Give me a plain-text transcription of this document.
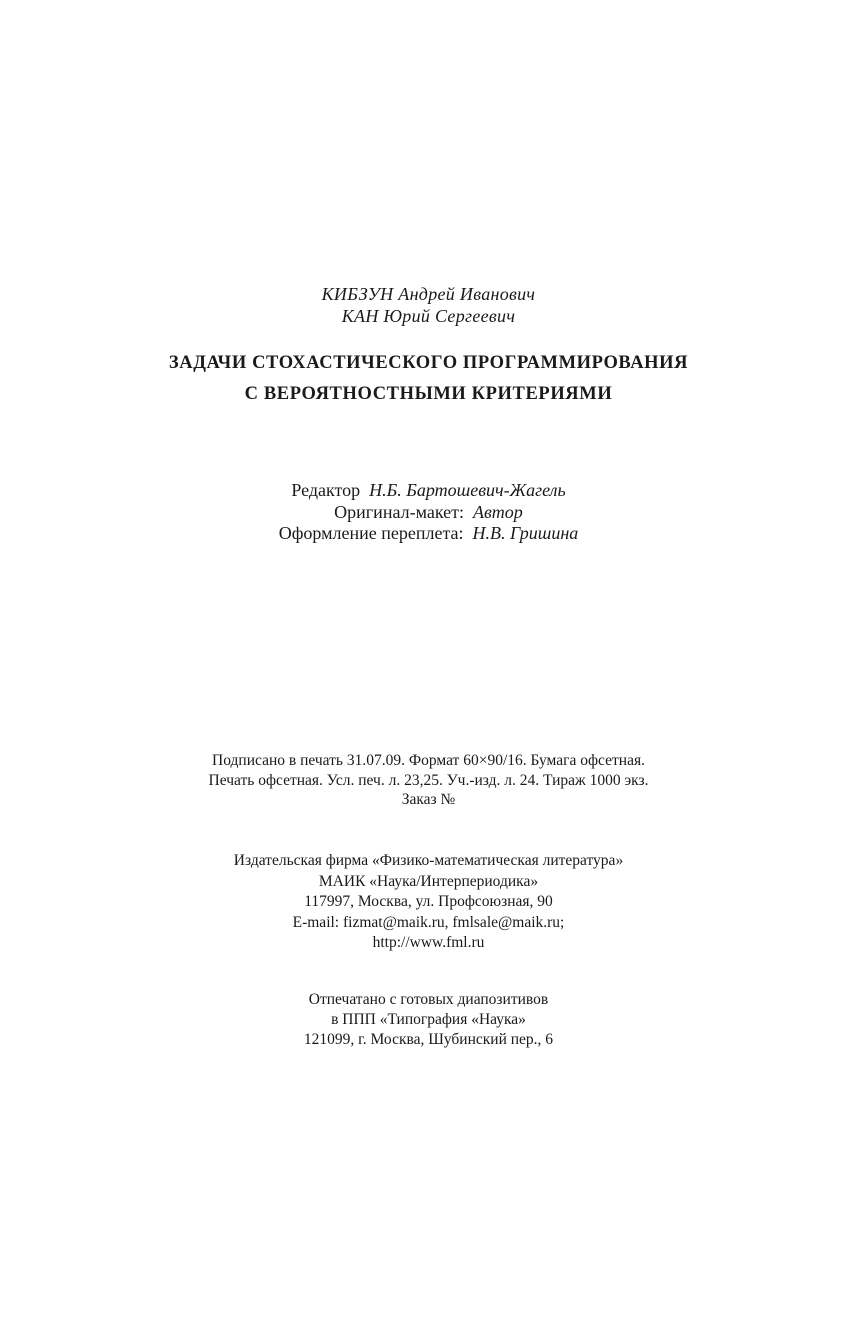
КИБЗУН Андрей Иванович
КАН Юрий Сергеевич
ЗАДАЧИ СТОХАСТИЧЕСКОГО ПРОГРАММИРОВАНИЯ
С ВЕРОЯТНОСТНЫМИ КРИТЕРИЯМИ
Редактор Н.Б. Бартошевич-Жагель
Оригинал-макет: Автор
Оформление переплета: Н.В. Гришина
Подписано в печать 31.07.09. Формат 60×90/16. Бумага офсетная.
Печать офсетная. Усл. печ. л. 23,25. Уч.-изд. л. 24. Тираж 1000 экз.
Заказ №
Издательская фирма «Физико-математическая литература»
МАИК «Наука/Интерпериодика»
117997, Москва, ул. Профсоюзная, 90
E-mail: fizmat@maik.ru, fmlsale@maik.ru;
http://www.fml.ru
Отпечатано с готовых диапозитивов
в ППП «Типография «Наука»
121099, г. Москва, Шубинский пер., 6
